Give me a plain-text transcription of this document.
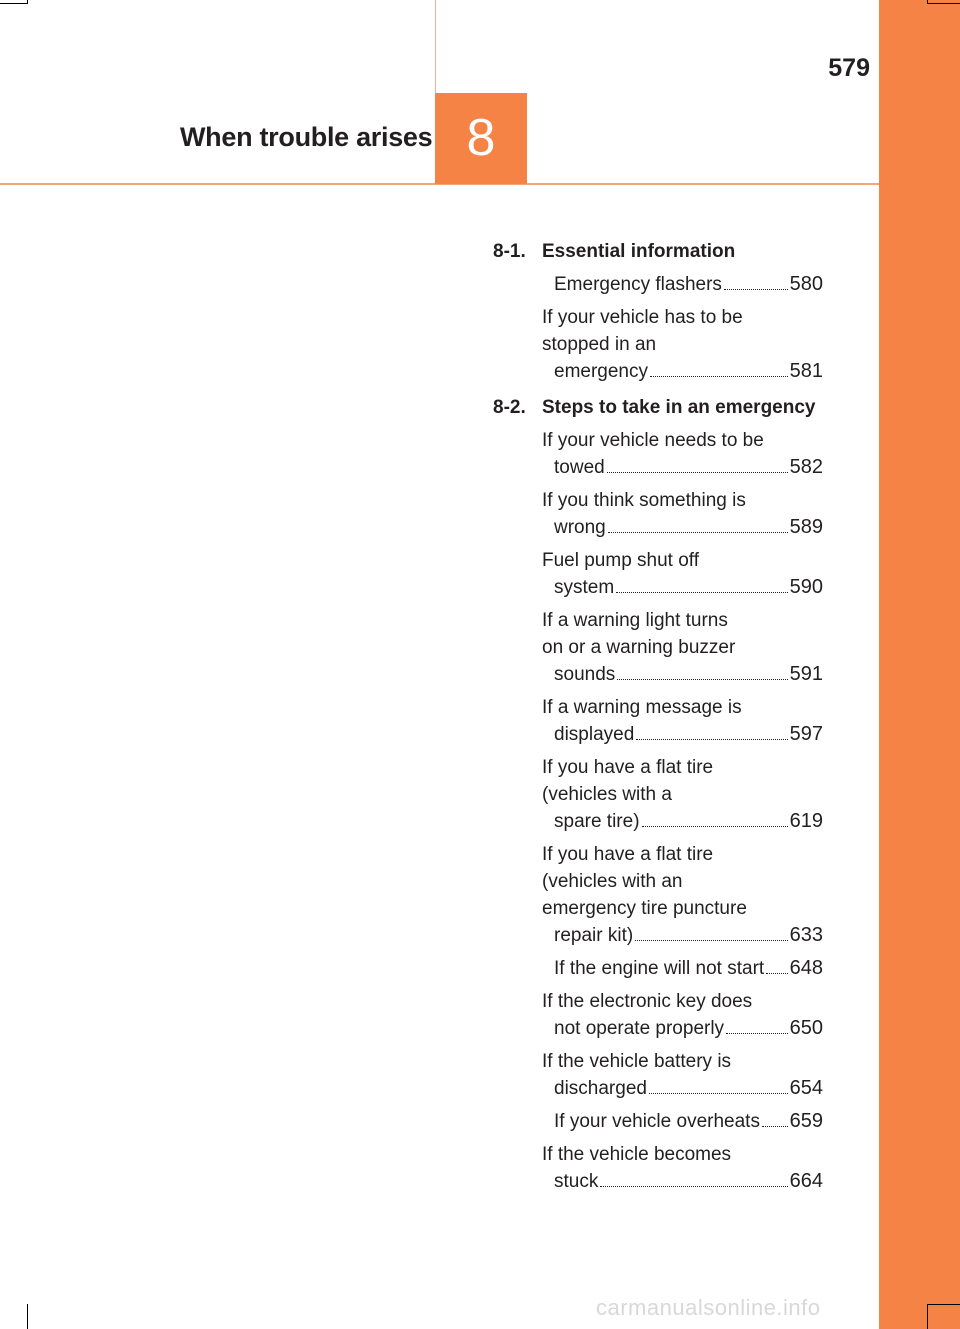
579
When trouble arises 8
8-1. Essential information
Emergency flashers	580
If your vehicle has to be
stopped in an
emergency	581
8-2. Steps to take in an emergency
If your vehicle needs to be
towed	582
If you think something is
wrong	589
Fuel pump shut off
system	590
If a warning light turns
on or a warning buzzer
sounds	591
If a warning message is
displayed	597
If you have a flat tire
(vehicles with a
spare tire)	619
If you have a flat tire
(vehicles with an
emergency tire puncture
repair kit)	633
If the engine will not start 648
If the electronic key does
not operate properly	650
If the vehicle battery is
discharged	654
If your vehicle overheats 659
If the vehicle becomes
stuck	664
carmanualsonline.info
